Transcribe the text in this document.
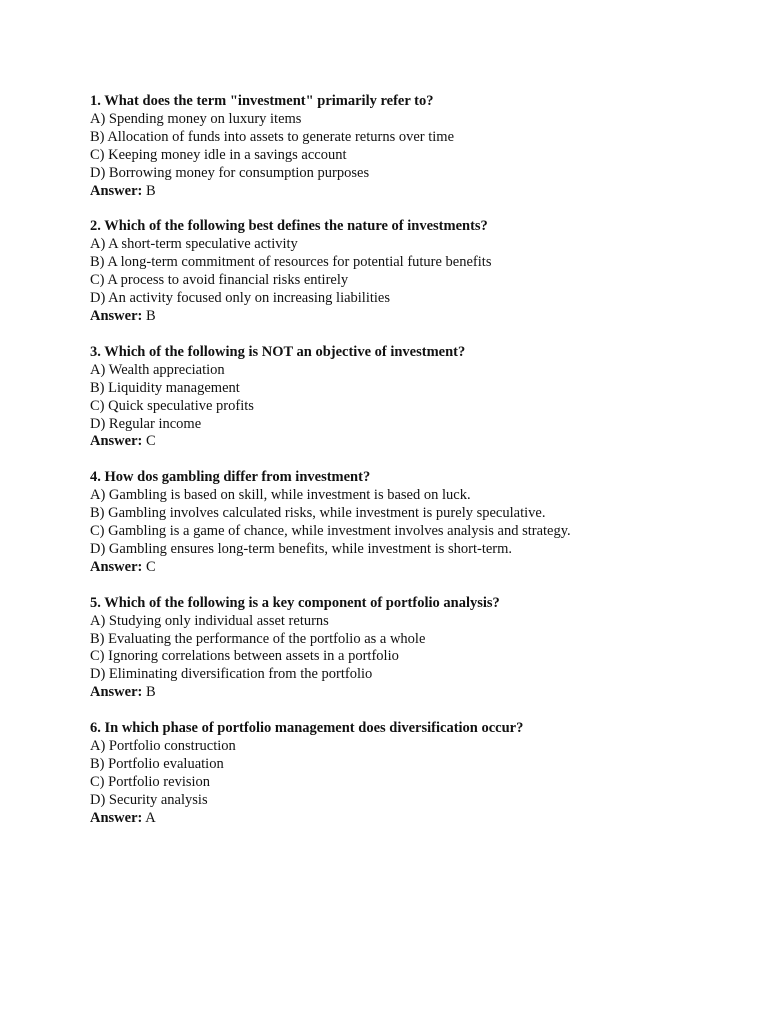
1. What does the term "investment" primarily refer to?
A) Spending money on luxury items
B) Allocation of funds into assets to generate returns over time
C) Keeping money idle in a savings account
D) Borrowing money for consumption purposes
Answer: B
2. Which of the following best defines the nature of investments?
A) A short-term speculative activity
B) A long-term commitment of resources for potential future benefits
C) A process to avoid financial risks entirely
D) An activity focused only on increasing liabilities
Answer: B
3. Which of the following is NOT an objective of investment?
A) Wealth appreciation
B) Liquidity management
C) Quick speculative profits
D) Regular income
Answer: C
4. How dos gambling differ from investment?
A) Gambling is based on skill, while investment is based on luck.
B) Gambling involves calculated risks, while investment is purely speculative.
C) Gambling is a game of chance, while investment involves analysis and strategy.
D) Gambling ensures long-term benefits, while investment is short-term.
Answer: C
5. Which of the following is a key component of portfolio analysis?
A) Studying only individual asset returns
B) Evaluating the performance of the portfolio as a whole
C) Ignoring correlations between assets in a portfolio
D) Eliminating diversification from the portfolio
Answer: B
6. In which phase of portfolio management does diversification occur?
A) Portfolio construction
B) Portfolio evaluation
C) Portfolio revision
D) Security analysis
Answer: A
